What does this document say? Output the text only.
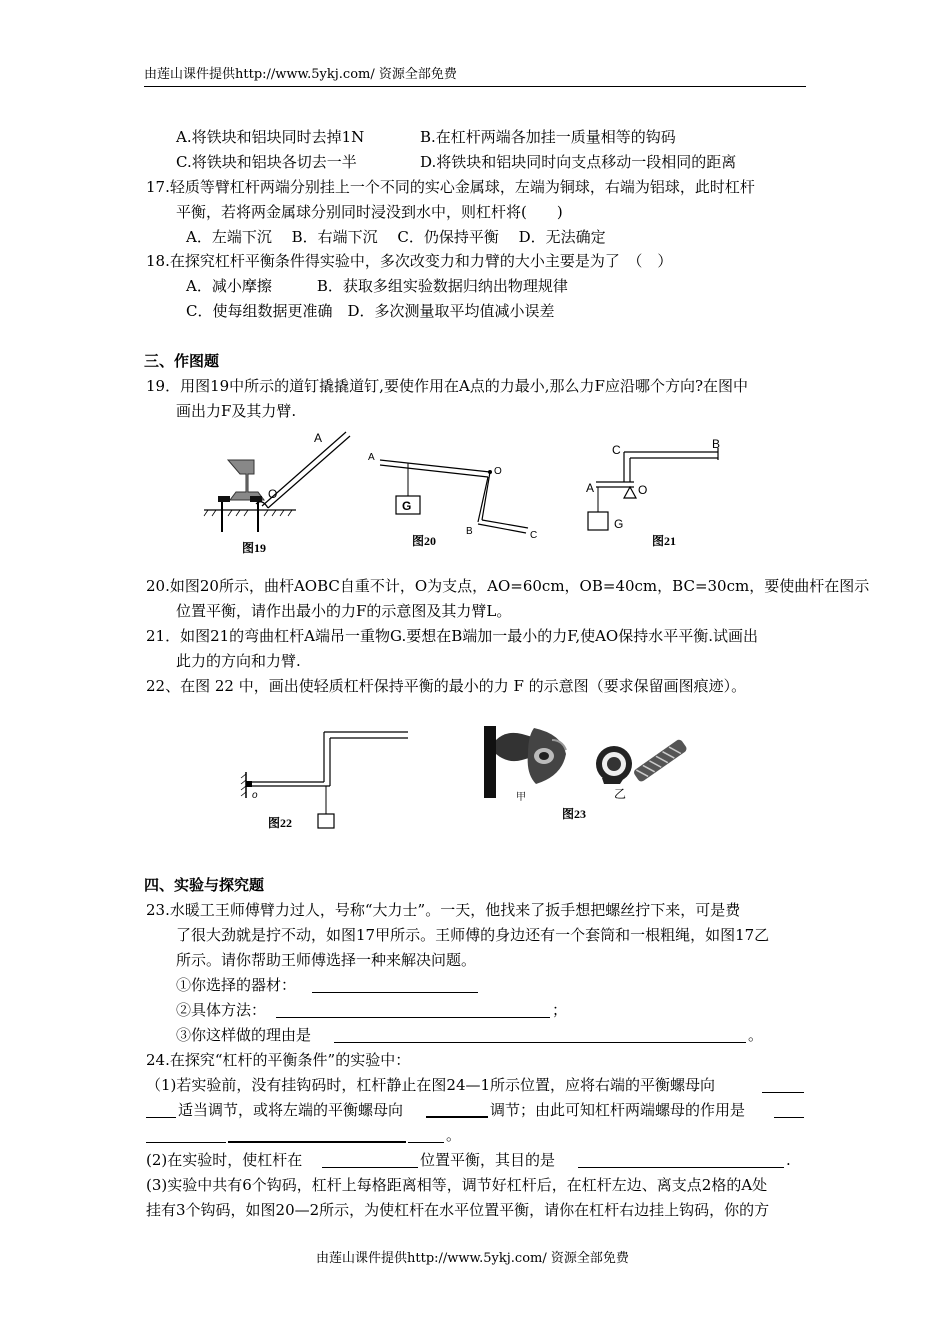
由莲山课件提供http://www.5ykj.com/ 资源全部免费
A.将铁块和铝块同时去掉1N	B.在杠杆两端各加挂一质量相等的钩码
C.将铁块和铝块各切去一半	D.将铁块和铝块同时向支点移动一段相同的距离
17.轻质等臂杠杆两端分别挂上一个不同的实心金属球，左端为铜球，右端为铝球，此时杠杆
平衡，若将两金属球分别同时浸没到水中，则杠杆将(　　)
A．左端下沉　 B．右端下沉　 C．仍保持平衡　 D．无法确定
18.在探究杠杆平衡条件得实验中，多次改变力和力臂的大小主要是为了　（　）
A．减小摩擦　　　B．获取多组实验数据归纳出物理规律
C．使每组数据更准确　D．多次测量取平均值减小误差
三、作图题
19．用图19中所示的道钉撬撬道钉,要使作用在A点的力最小,那么力F应沿哪个方向?在图中
画出力F及其力臂.
O
A
图19
G
A
O
B	C
图20
C	B
A	O
G
图21
20.如图20所示，曲杆AOBC自重不计，O为支点，AO=60cm，OB=40cm，BC=30cm，要使曲杆在图示
位置平衡，请作出最小的力F的示意图及其力臂L。
21．如图21的弯曲杠杆A端吊一重物G.要想在B端加一最小的力F,使AO保持水平平衡.试画出
此力的方向和力臂.
22、在图 22 中，画出使轻质杠杆保持平衡的最小的力 F 的示意图（要求保留画图痕迹）。
o
图22
甲	乙
图23
四、实验与探究题
23.水暖工王师傅臂力过人，号称“大力士”。一天，他找来了扳手想把螺丝拧下来，可是费
了很大劲就是拧不动，如图17甲所示。王师傅的身边还有一个套筒和一根粗绳，如图17乙
所示。请你帮助王师傅选择一种来解决问题。
①你选择的器材：
②具体方法：	；
③你这样做的理由是	。
24.在探究“杠杆的平衡条件”的实验中：
（1)若实验前，没有挂钩码时，杠杆静止在图24—1所示位置，应将右端的平衡螺母向
适当调节，或将左端的平衡螺母向	调节；由此可知杠杆两端螺母的作用是
。
(2)在实验时，使杠杆在	位置平衡，其目的是	.
(3)实验中共有6个钩码，杠杆上每格距离相等，调节好杠杆后，在杠杆左边、离支点2格的A处
挂有3个钩码，如图20—2所示，为使杠杆在水平位置平衡，请你在杠杆右边挂上钩码，你的方
由莲山课件提供http://www.5ykj.com/ 资源全部免费
